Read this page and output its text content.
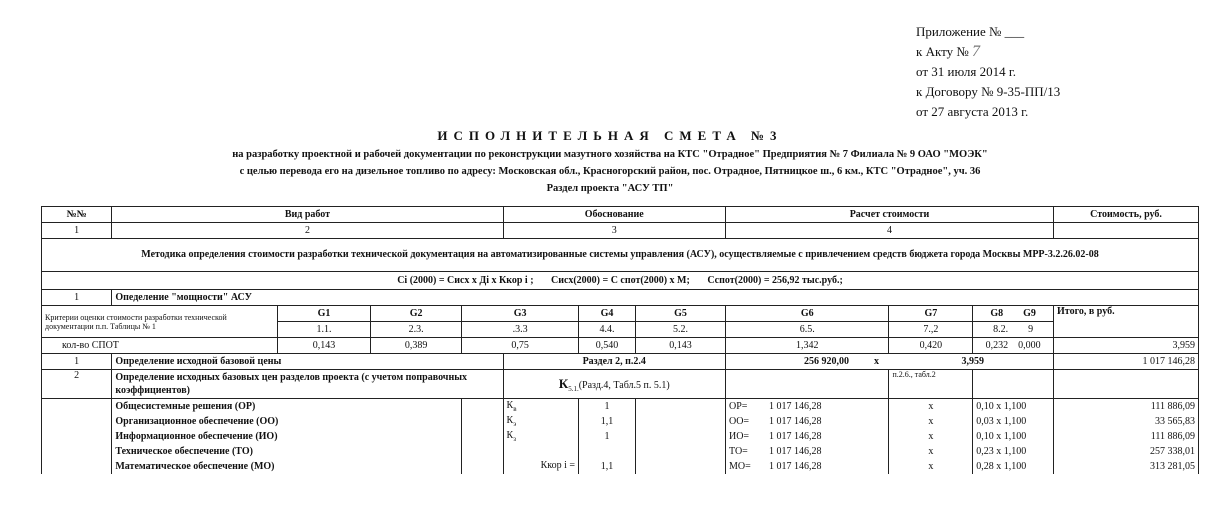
Приложение № ___
к Акту № 7
от 31 июля 2014 г.
к Договору № 9-35-ПП/13
от 27 августа 2013 г.
ИСПОЛНИТЕЛЬНАЯ СМЕТА №3
на разработку проектной и рабочей документации по реконструкции мазутного хозяйства на КТС "Отрадное" Предприятия № 7 Филиала № 9 ОАО "МОЭК"
с целью перевода его на дизельное топливо по адресу: Московская обл., Красногорский район, пос. Отрадное, Пятницкое ш., 6 км., КТС "Отрадное", уч. 36
Раздел проекта "АСУ ТП"
№№	Вид работ				Обоснование			Расчет стоимости			Стоимость, руб.
1	2				3			4			
Методика определения стоимости разработки технической документация на автоматизированные системы управления (АСУ), осуществляемые с привлечением средств бюджета города Москвы МРР-3.2.26.02-08											
Ci (2000) = Сисх х Дi х Ккор i ; Сисх(2000) = С спот(2000) х М; Сспот(2000) = 256,92 тыс.руб.;											
1	Опеделение "мощности" АСУ										
Критерии оценки стоимости разработки технической документации п.п. Таблицы № 1		G1	G2	G3		G4	G5	G6	G7	G8 G9	Итого, в руб.
		1.1.	2.3.	.3.3		4.4.	5.2.	6.5.	7.,2	8.2. 9	
кол-во СПОТ		0,143	0,389	0,75		0,540	0,143	1,342	0,420	0,232 0,000	3,959
1	Определение исходной базовой цены				Раздел 2, п.2.4			256 920,00 х 3,959			1 017 146,28
2	Определение исходных базовых цен разделов проекта (с учетом поправочных коэффициентов)				$К_{5.1.}(Разд.4$, Табл.5 п. 5.1)				п.2.6., табл.2		
	Общесистемные решения (ОР)				$К_в$	1		ОР= 1 017 146,28	х	0,10 х 1,100	111 886,09
	Организационное обеспечение (ОО)				$К_э$	1,1		ОО= 1 017 146,28	х	0,03 х 1,100	33 565,83
	Информационное обеспечение (ИО)				$К_з$	1		ИО= 1 017 146,28	х	0,10 х 1,100	111 886,09
	Техническое обеспечение (ТО)							ТО= 1 017 146,28	х	0,23 х 1,100	257 338,01
	Математическое обеспечение (МО)				Ккор i =	1,1		МО= 1 017 146,28	х	0,28 х 1,100	313 281,05
